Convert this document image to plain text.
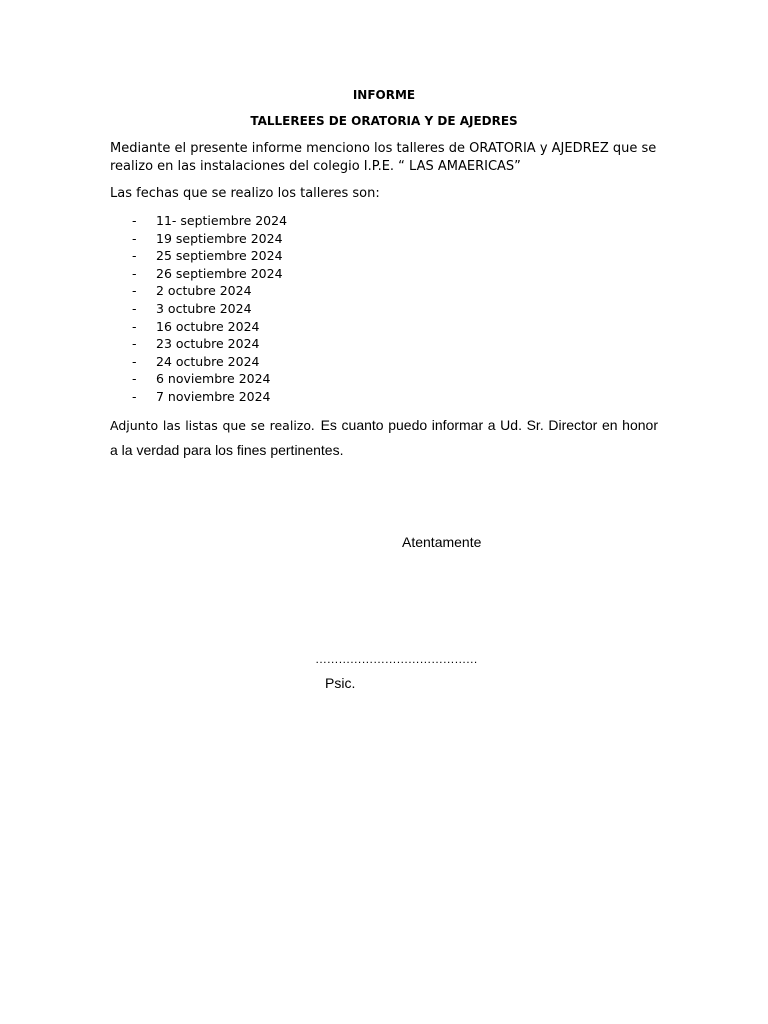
INFORME
TALLEREES DE ORATORIA Y DE AJEDRES
Mediante el presente informe menciono los talleres de ORATORIA y AJEDREZ que se realizo en las instalaciones del colegio I.P.E. “ LAS AMAERICAS”
Las fechas que se realizo los talleres son:
- 11- septiembre 2024
- 19 septiembre 2024
- 25 septiembre 2024
- 26 septiembre 2024
- 2 octubre 2024
- 3 octubre 2024
- 16 octubre 2024
- 23 octubre 2024
- 24 octubre 2024
- 6 noviembre 2024
- 7 noviembre 2024
Adjunto las listas que se realizo. Es cuanto puedo informar a Ud. Sr. Director en honor a la verdad para los fines pertinentes.
Atentamente
……………………………………
Psic.
